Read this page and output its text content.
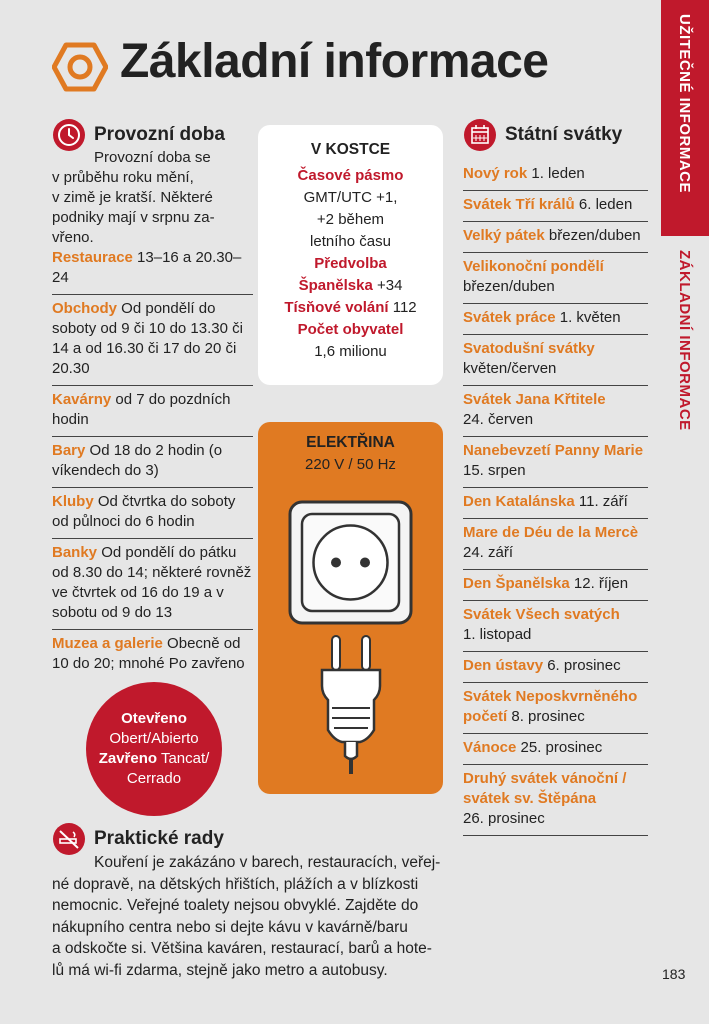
Základní informace	UŽITEČNÉ INFORMACE
ZÁKLADNÍ INFORMACE
Provozní doba
Provozní doba se
v průběhu roku mění,
v zimě je kratší. Některé
podniky mají v srpnu za-
vřeno.
Restaurace 13–16 a 20.30–24
Obchody Od pondělí do soboty od 9 či 10 do 13.30 či 14 a od 16.30 či 17 do 20 či 20.30
Kavárny od 7 do pozdních hodin
Bary Od 18 do 2 hodin (o víkendech do 3)
Kluby Od čtvrtka do soboty od půlnoci do 6 hodin
Banky Od pondělí do pátku od 8.30 do 14; některé rovněž ve čtvrtek od 16 do 19 a v sobotu od 9 do 13
Muzea a galerie Obecně od 10 do 20; mnohé Po zavřeno
Otevřeno
Obert/Abierto
Zavřeno Tancat/
Cerrado
Praktické rady
Kouření je zakázáno v barech, restauracích, veřej-
né dopravě, na dětských hřištích, plážích a v blízkosti
nemocnic. Veřejné toalety nejsou obvyklé. Zajděte do
nákupního centra nebo si dejte kávu v kavárně/baru
a odskočte si. Většina kaváren, restaurací, barů a hote-
lů má wi-fi zdarma, stejně jako metro a autobusy.
V KOSTCE
Časové pásmo
GMT/UTC +1,
+2 během
letního času
Předvolba
Španělska +34
Tísňové volání 112
Počet obyvatel
1,6 milionu
ELEKTŘINA
220 V / 50 Hz
Státní svátky
Nový rok 1. leden
Svátek Tří králů 6. leden
Velký pátek březen/duben
Velikonoční pondělí
březen/duben
Svátek práce 1. květen
Svatodušní svátky
květen/červen
Svátek Jana Křtitele
24. červen
Nanebevzetí Panny Marie
15. srpen
Den Katalánska 11. září
Mare de Déu de la Mercè
24. září
Den Španělska 12. říjen
Svátek Všech svatých
1. listopad
Den ústavy 6. prosinec
Svátek Neposkvrněného
početí 8. prosinec
Vánoce 25. prosinec
Druhý svátek vánoční /
svátek sv. Štěpána
26. prosinec
183
